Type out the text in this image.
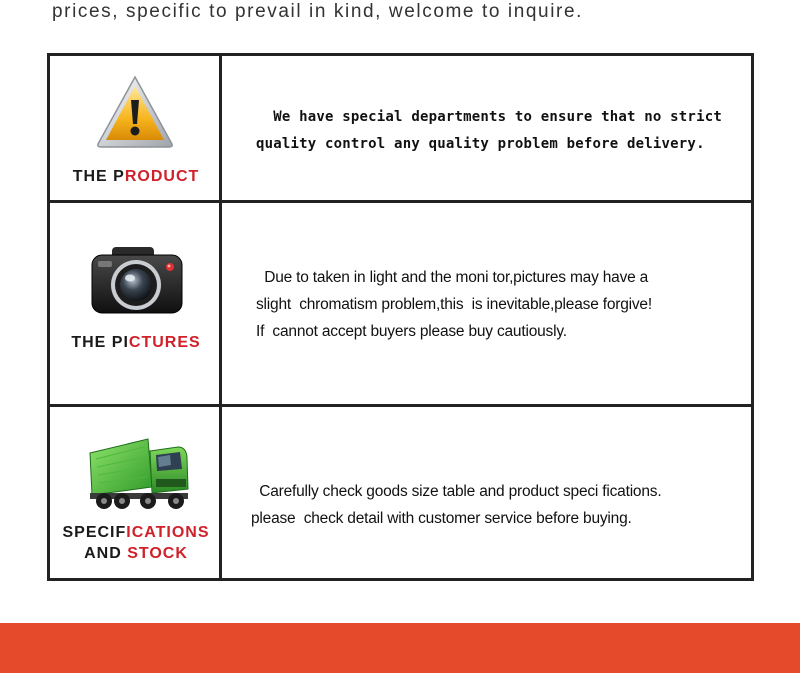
prices, specific to prevail in kind, welcome to inquire.
THE PRODUCT

We have special departments to ensure that no strict

quality control any quality problem before delivery.

THE PICTURES

Due to taken in light and the moni tor,pictures may have a

slight  chromatism problem,this  is inevitable,please forgive!

If  cannot accept buyers please buy cautiously.

SPECIFICATIONS
AND STOCK

Carefully check goods size table and product speci fications.

please  check detail with customer service before buying.
